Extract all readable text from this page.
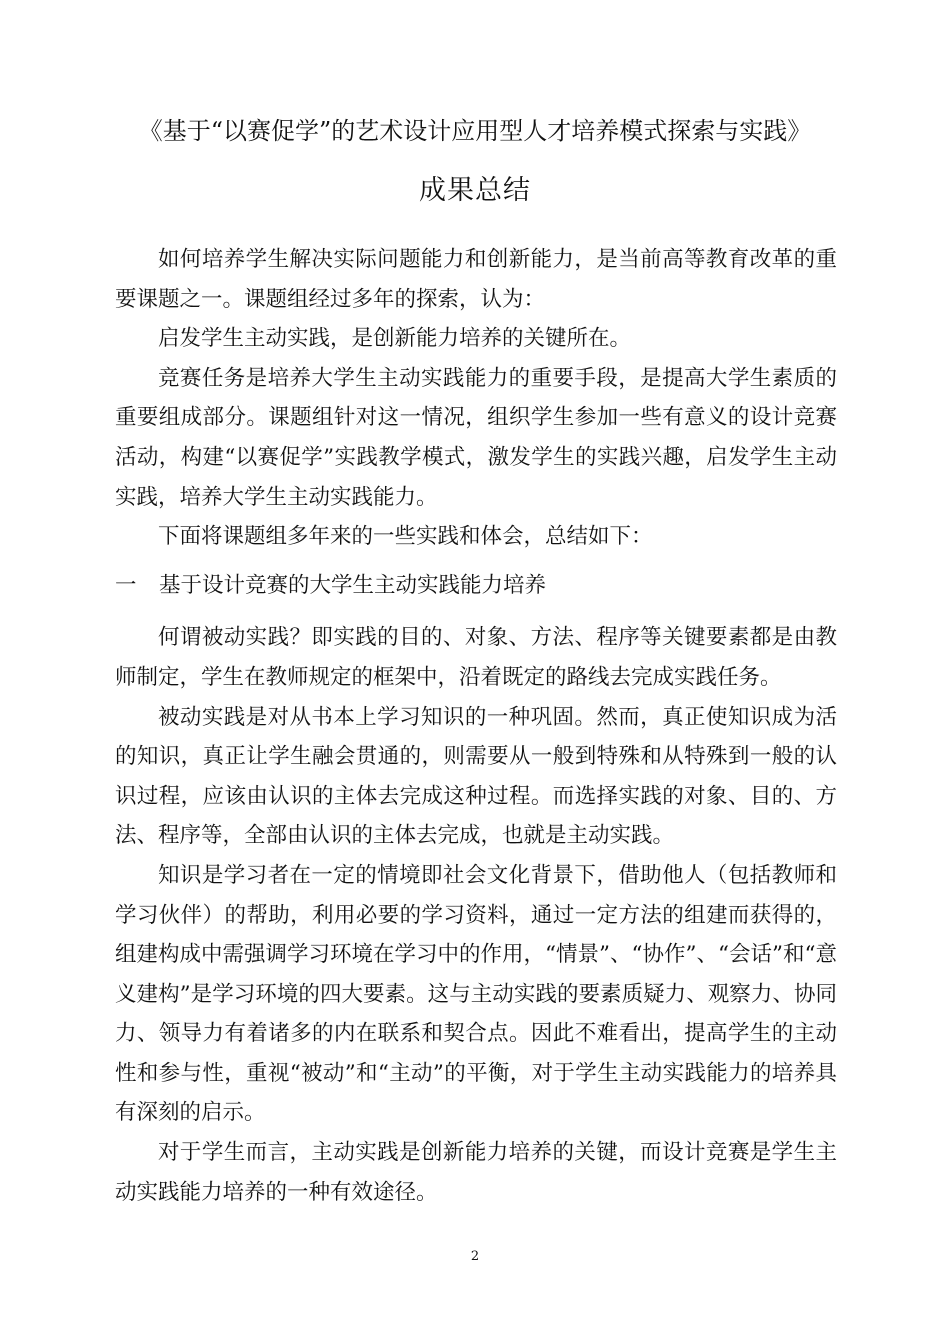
《基于“以赛促学”的艺术设计应用型人才培养模式探索与实践》
成果总结

如何培养学生解决实际问题能力和创新能力，是当前高等教育改革的重要课题之一。课题组经过多年的探索，认为：

启发学生主动实践，是创新能力培养的关键所在。

竞赛任务是培养大学生主动实践能力的重要手段，是提高大学生素质的重要组成部分。课题组针对这一情况，组织学生参加一些有意义的设计竞赛活动，构建“以赛促学”实践教学模式，激发学生的实践兴趣，启发学生主动实践，培养大学生主动实践能力。

下面将课题组多年来的一些实践和体会，总结如下：

一 基于设计竞赛的大学生主动实践能力培养

何谓被动实践？即实践的目的、对象、方法、程序等关键要素都是由教师制定，学生在教师规定的框架中，沿着既定的路线去完成实践任务。

被动实践是对从书本上学习知识的一种巩固。然而，真正使知识成为活的知识，真正让学生融会贯通的，则需要从一般到特殊和从特殊到一般的认识过程，应该由认识的主体去完成这种过程。而选择实践的对象、目的、方法、程序等，全部由认识的主体去完成，也就是主动实践。

知识是学习者在一定的情境即社会文化背景下，借助他人（包括教师和学习伙伴）的帮助，利用必要的学习资料，通过一定方法的组建而获得的，组建构成中需强调学习环境在学习中的作用，“情景”、“协作”、“会话”和“意义建构”是学习环境的四大要素。这与主动实践的要素质疑力、观察力、协同力、领导力有着诸多的内在联系和契合点。因此不难看出，提高学生的主动性和参与性，重视“被动”和“主动”的平衡，对于学生主动实践能力的培养具有深刻的启示。

对于学生而言，主动实践是创新能力培养的关键，而设计竞赛是学生主动实践能力培养的一种有效途径。

2
